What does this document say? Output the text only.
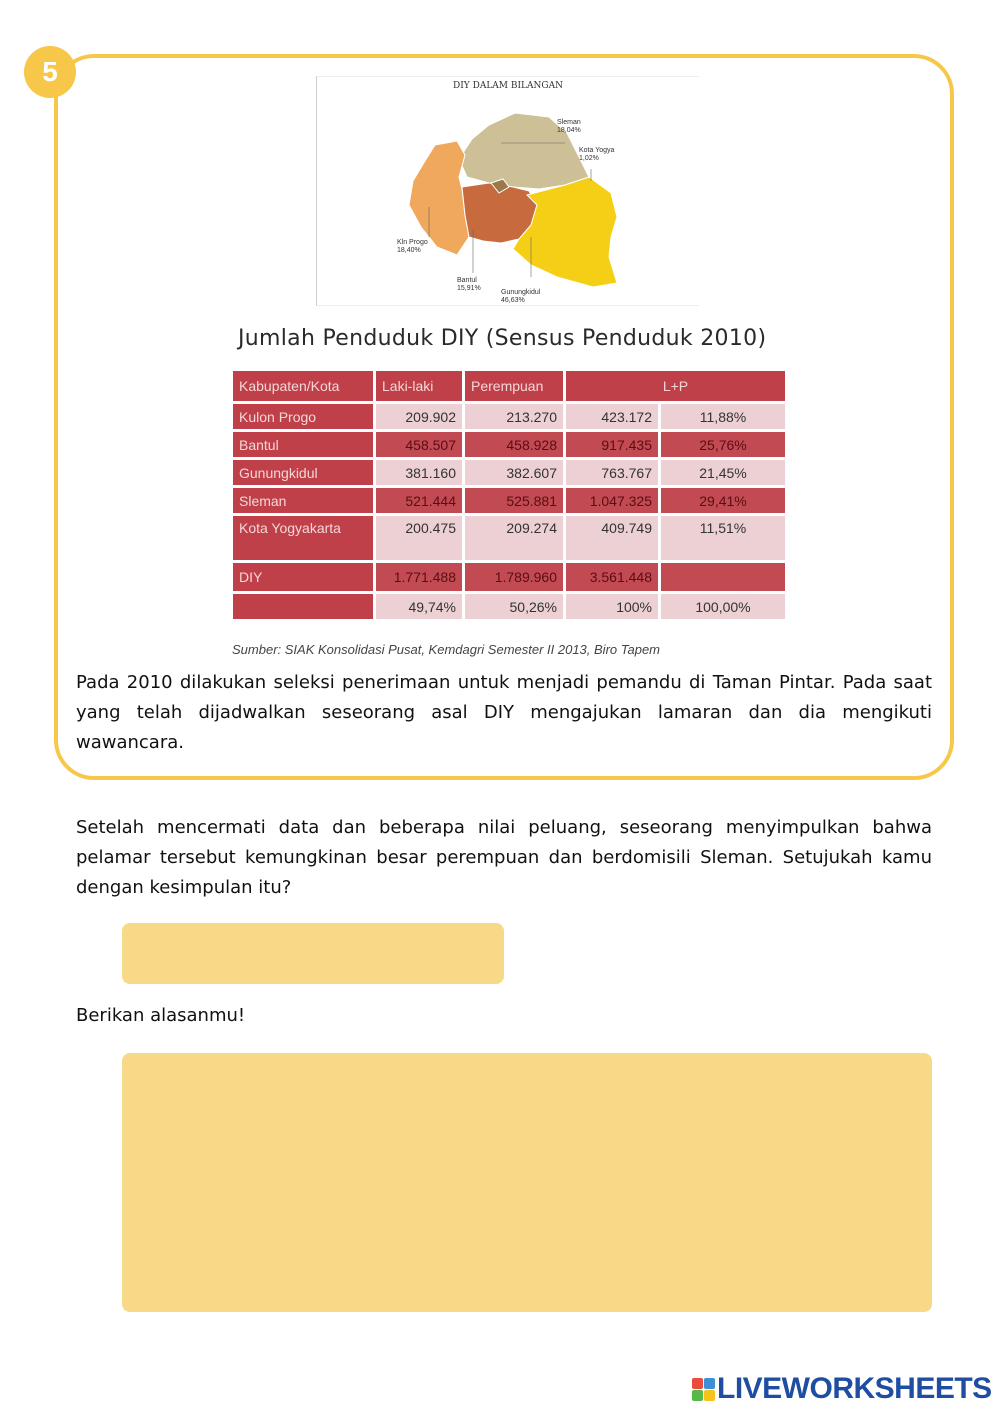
5	DIY DALAM BILANGAN
Sleman
18,04%
Kota Yogya
1,02%
Kln Progo
18,40%
Bantul
15,91%
Gunungkidul
46,63%
Jumlah Penduduk DIY (Sensus Penduduk 2010)
Kabupaten/Kota	Laki-laki	Perempuan	L+P	
Kulon Progo	209.902	213.270	423.172	11,88%
Bantul	458.507	458.928	917.435	25,76%
Gunungkidul	381.160	382.607	763.767	21,45%
Sleman	521.444	525.881	1.047.325	29,41%
Kota Yogyakarta	200.475	209.274	409.749	11,51%
DIY	1.771.488	1.789.960	3.561.448	
	49,74%	50,26%	100%	100,00%
Sumber: SIAK Konsolidasi Pusat, Kemdagri Semester II 2013, Biro Tapem
Pada 2010 dilakukan seleksi penerimaan untuk menjadi pemandu di Taman Pintar. Pada saat yang telah dijadwalkan seseorang asal DIY mengajukan lamaran dan dia mengikuti wawancara.
Setelah mencermati data dan beberapa nilai peluang, seseorang menyimpulkan bahwa pelamar tersebut kemungkinan besar perempuan dan berdomisili Sleman. Setujukah kamu dengan kesimpulan itu?
Berikan alasanmu!
LIVEWORKSHEETS
